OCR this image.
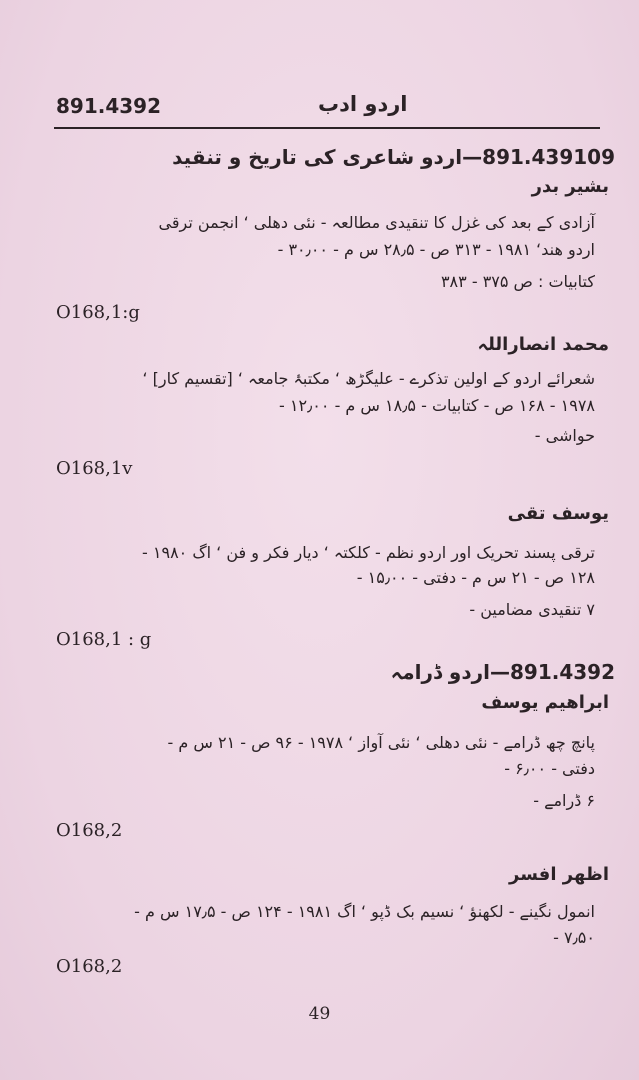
891.4392	اردو ادب
891.439109—اردو شاعری کی تاریخ و تنقید
بشیر بدر
آزادی کے بعد کی غزل کا تنقیدی مطالعہ - نئی دھلی ‘ انجمن ترقی
اردو ھند‘ ۱۹۸۱ - ۳۱۳ ص - ۲۸٫۵ س م - ۳۰٫۰۰ -
کتابیات : ص ۳۷۵ - ۳۸۳
O168,1:g
محمد انصاراللہ
شعرائے اردو کے اولین تذکرے - علیگڑھ ‘ مکتبۂ جامعہ ‘ [تقسیم کار] ‘
۱۹۷۸ - ۱۶۸ ص - کتابیات - ۱۸٫۵ س م - ۱۲٫۰۰ -
حواشی -
O168,1v
یوسف تقی
ترقی پسند تحریک اور اردو نظم - کلکتہ ‘ دیار فکر و فن ‘ اگ ۱۹۸۰ -
۱۲۸ ص - ۲۱ س م - دفتی - ۱۵٫۰۰ -
۷ تنقیدی مضامین -
O168,1 : g
891.4392—اردو ڈرامہ
ابراھیم یوسف
پانچ چھ ڈرامے - نئی دھلی ‘ نئی آواز ‘ ۱۹۷۸ - ۹۶ ص - ۲۱ س م -
دفتی - ۶٫۰۰ -
۶ ڈرامے -
O168,2
اظھر افسر
انمول نگینے - لکھنؤ ‘ نسیم بک ڈپو ‘ اگ ۱۹۸۱ - ۱۲۴ ص - ۱۷٫۵ س م -
۷٫۵۰ -
O168,2
49
